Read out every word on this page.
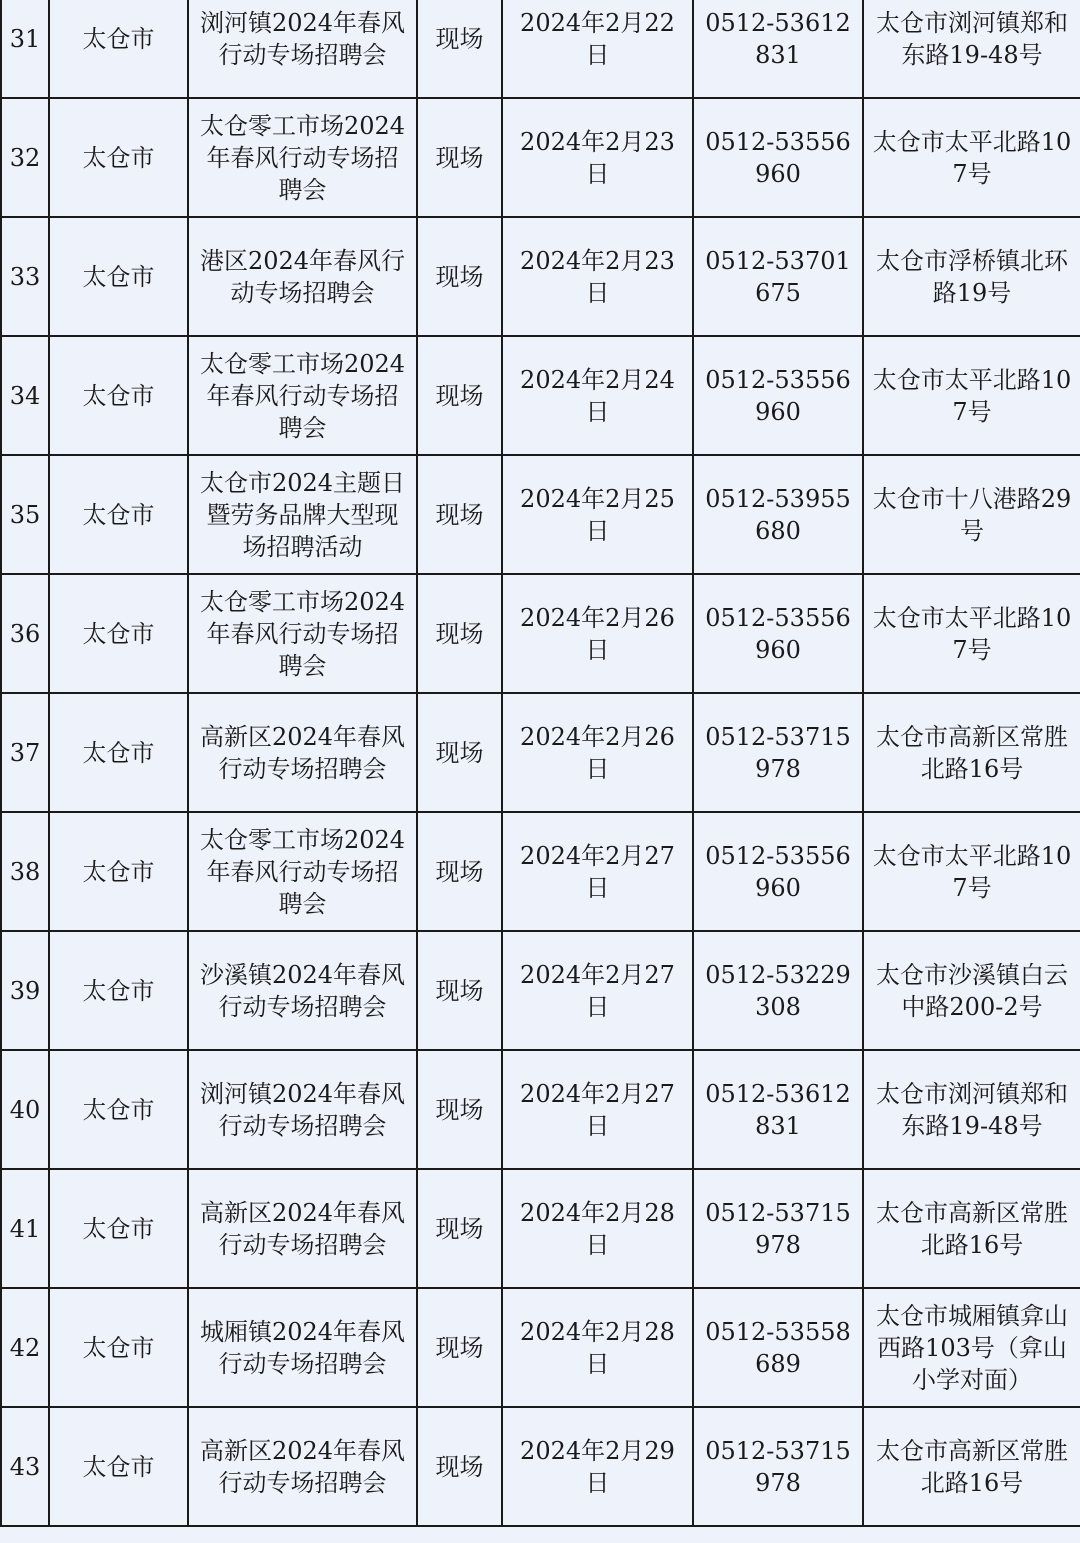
31	太仓市	浏河镇2024年春风行动专场招聘会	现场	2024年2月22日	0512-53612831	太仓市浏河镇郑和东路19-48号
32	太仓市	太仓零工市场2024年春风行动专场招聘会	现场	2024年2月23日	0512-53556960	太仓市太平北路107号
33	太仓市	港区2024年春风行动专场招聘会	现场	2024年2月23日	0512-53701675	太仓市浮桥镇北环路19号
34	太仓市	太仓零工市场2024年春风行动专场招聘会	现场	2024年2月24日	0512-53556960	太仓市太平北路107号
35	太仓市	太仓市2024主题日暨劳务品牌大型现场招聘活动	现场	2024年2月25日	0512-53955680	太仓市十八港路29号
36	太仓市	太仓零工市场2024年春风行动专场招聘会	现场	2024年2月26日	0512-53556960	太仓市太平北路107号
37	太仓市	高新区2024年春风行动专场招聘会	现场	2024年2月26日	0512-53715978	太仓市高新区常胜北路16号
38	太仓市	太仓零工市场2024年春风行动专场招聘会	现场	2024年2月27日	0512-53556960	太仓市太平北路107号
39	太仓市	沙溪镇2024年春风行动专场招聘会	现场	2024年2月27日	0512-53229308	太仓市沙溪镇白云中路200-2号
40	太仓市	浏河镇2024年春风行动专场招聘会	现场	2024年2月27日	0512-53612831	太仓市浏河镇郑和东路19-48号
41	太仓市	高新区2024年春风行动专场招聘会	现场	2024年2月28日	0512-53715978	太仓市高新区常胜北路16号
42	太仓市	城厢镇2024年春风行动专场招聘会	现场	2024年2月28日	0512-53558689	太仓市城厢镇弇山西路103号（弇山小学对面）
43	太仓市	高新区2024年春风行动专场招聘会	现场	2024年2月29日	0512-53715978	太仓市高新区常胜北路16号
